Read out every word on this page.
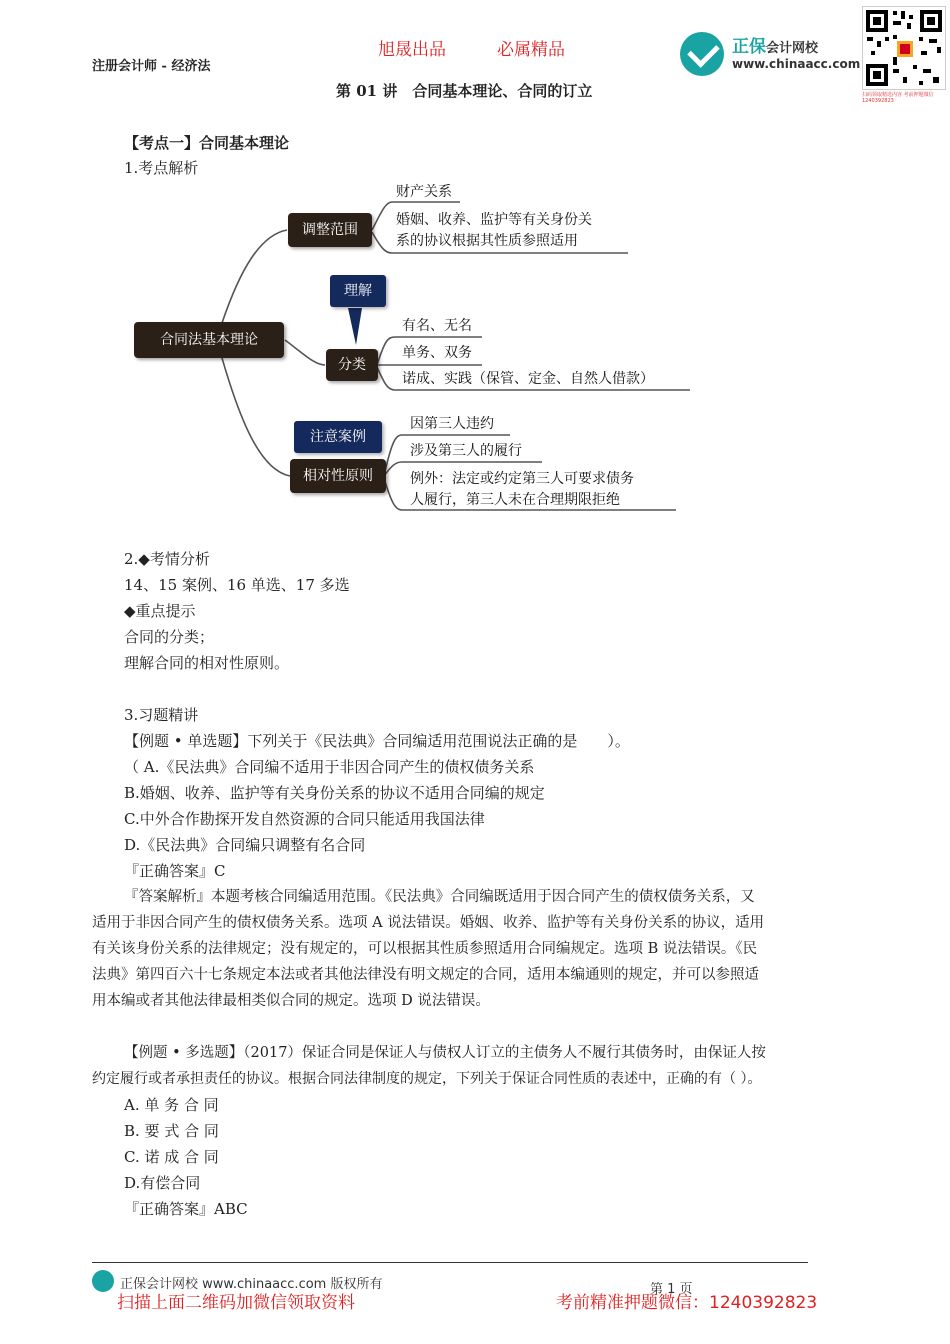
注册会计师 - 经济法
旭晟出品	必属精品
第 01 讲　合同基本理论、合同的订立
正保会计网校
www.chinaacc.com
扫码领取精选内容 考前押题微信 1240392823
【考点一】合同基本理论
1.考点解析
合同法基本理论
调整范围
财产关系
婚姻、收养、监护等有关身份关
系的协议根据其性质参照适用
理解
分类
有名、无名
单务、双务
诺成、实践（保管、定金、自然人借款）
注意案例
相对性原则
因第三人违约
涉及第三人的履行
例外：法定或约定第三人可要求债务
人履行，第三人未在合理期限拒绝
2.◆考情分析
14、15 案例、16 单选、17 多选
◆重点提示
合同的分类；
理解合同的相对性原则。
3.习题精讲
【例题 • 单选题】下列关于《民法典》合同编适用范围说法正确的是　　）。
（ A.《民法典》合同编不适用于非因合同产生的债权债务关系
B.婚姻、收养、监护等有关身份关系的协议不适用合同编的规定
C.中外合作勘探开发自然资源的合同只能适用我国法律
D.《民法典》合同编只调整有名合同
『正确答案』C
『答案解析』本题考核合同编适用范围。《民法典》合同编既适用于因合同产生的债权债务关系，又
适用于非因合同产生的债权债务关系。选项 A 说法错误。婚姻、收养、监护等有关身份关系的协议，适用
有关该身份关系的法律规定；没有规定的，可以根据其性质参照适用合同编规定。选项 B 说法错误。《民
法典》第四百六十七条规定本法或者其他法律没有明文规定的合同，适用本编通则的规定，并可以参照适
用本编或者其他法律最相类似合同的规定。选项 D 说法错误。
【例题 • 多选题】（2017）保证合同是保证人与债权人订立的主债务人不履行其债务时，由保证人按
约定履行或者承担责任的协议。根据合同法律制度的规定，下列关于保证合同性质的表述中，正确的有（ ）。
A. 单 务 合 同
B. 要 式 合 同
C. 诺 成 合 同
D.有偿合同
『正确答案』ABC
正保会计网校 www.chinaacc.com 版权所有	第 1 页
扫描上面二维码加微信领取资料	考前精准押题微信：1240392823
